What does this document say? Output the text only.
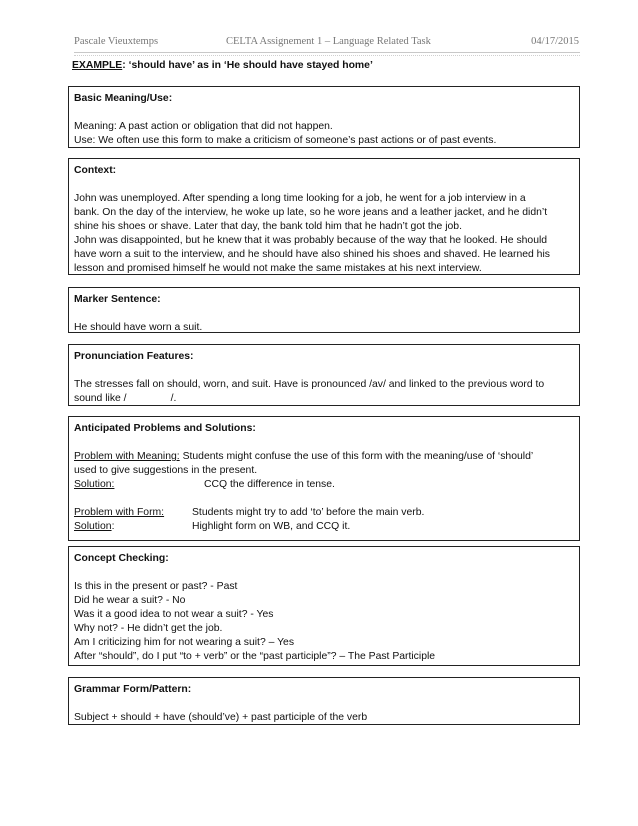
Pascale Vieuxtemps	CELTA Assignement 1 – Language Related Task	04/17/2015
EXAMPLE: ‘should have’ as in ‘He should have stayed home’
Basic Meaning/Use:
Meaning: A past action or obligation that did not happen.
Use: We often use this form to make a criticism of someone’s past actions or of past events.
Context:
John was unemployed. After spending a long time looking for a job, he went for a job interview in a
bank. On the day of the interview, he woke up late, so he wore jeans and a leather jacket, and he didn’t
shine his shoes or shave. Later that day, the bank told him that he hadn’t got the job.
John was disappointed, but he knew that it was probably because of the way that he looked. He should
have worn a suit to the interview, and he should have also shined his shoes and shaved. He learned his
lesson and promised himself he would not make the same mistakes at his next interview.
Marker Sentence:
He should have worn a suit.
Pronunciation Features:
The stresses fall on should, worn, and suit. Have is pronounced /av/ and linked to the previous word to
sound like /	/.
Anticipated Problems and Solutions:
Problem with Meaning: Students might confuse the use of this form with the meaning/use of ‘should’
used to give suggestions in the present.
Solution:	CCQ the difference in tense.
Problem with Form:	Students might try to add ‘to’ before the main verb.
Solution:	Highlight form on WB, and CCQ it.
Concept Checking:
Is this in the present or past? - Past
Did he wear a suit? - No
Was it a good idea to not wear a suit? - Yes
Why not? - He didn’t get the job.
Am I criticizing him for not wearing a suit? – Yes
After “should”, do I put “to + verb” or the “past participle”? – The Past Participle
Grammar Form/Pattern:
Subject + should + have (should’ve) + past participle of the verb
